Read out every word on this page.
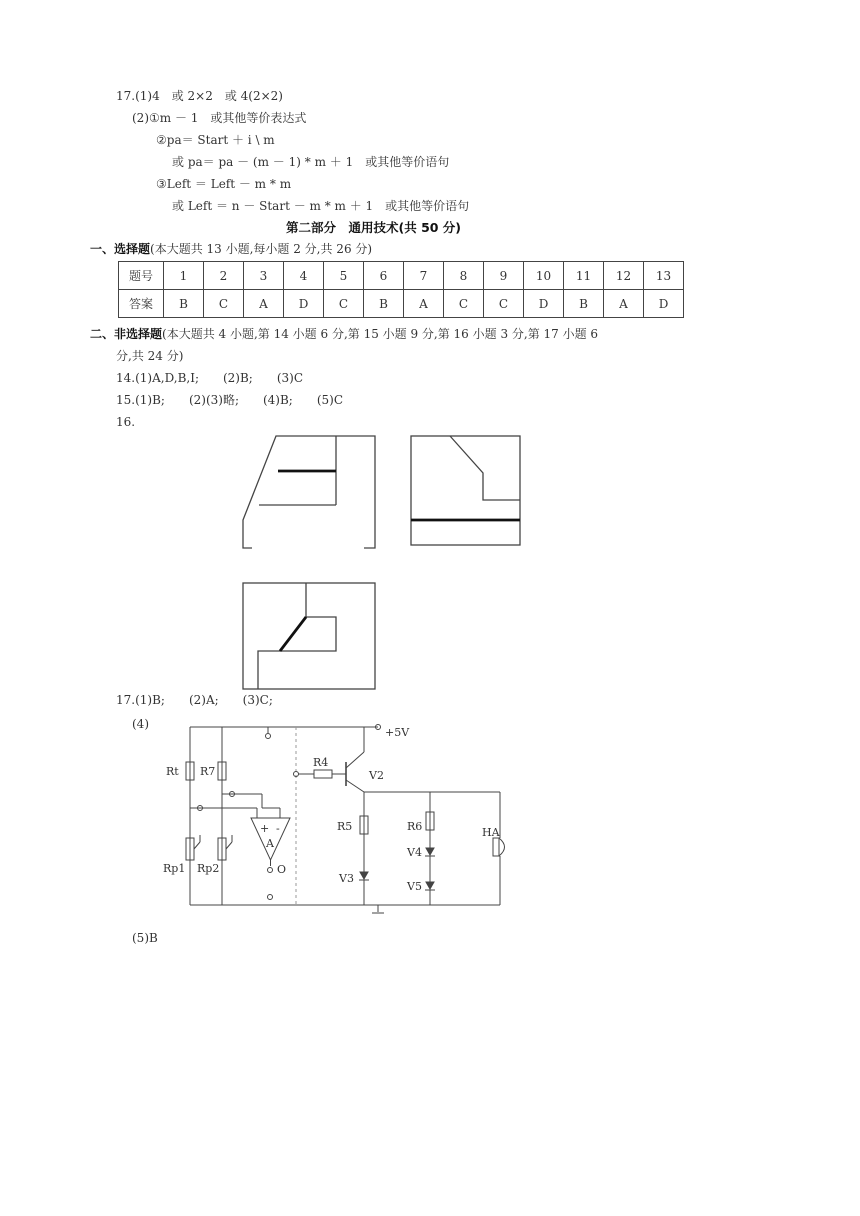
17.(1)4　或 2×2　或 4(2×2)
(2)①m － 1　或其他等价表达式
②pa＝ Start ＋ i \ m
或 pa＝ pa － (m － 1) * m ＋ 1　或其他等价语句
③Left ＝ Left － m * m
或 Left ＝ n － Start － m * m ＋ 1　或其他等价语句
第二部分　通用技术(共 50 分)
一、选择题(本大题共 13 小题,每小题 2 分,共 26 分)
题号	1	2	3	4	5	6	7	8	9	10	11	12	13
答案	B	C	A	D	C	B	A	C	C	D	B	A	D
二、非选择题(本大题共 4 小题,第 14 小题 6 分,第 15 小题 9 分,第 16 小题 3 分,第 17 小题 6
分,共 24 分)
14.(1)A,D,B,I;　　(2)B;　　(3)C
15.(1)B;　　(2)(3)略;　　(4)B;　　(5)C
16.
17.(1)B;　　(2)A;　　(3)C;
(4)
(5)B
+5V
Rt R7
R4
V2
R5	R6	HA
V4
V5
V3
Rp1 Rp2
A
O
+ -
